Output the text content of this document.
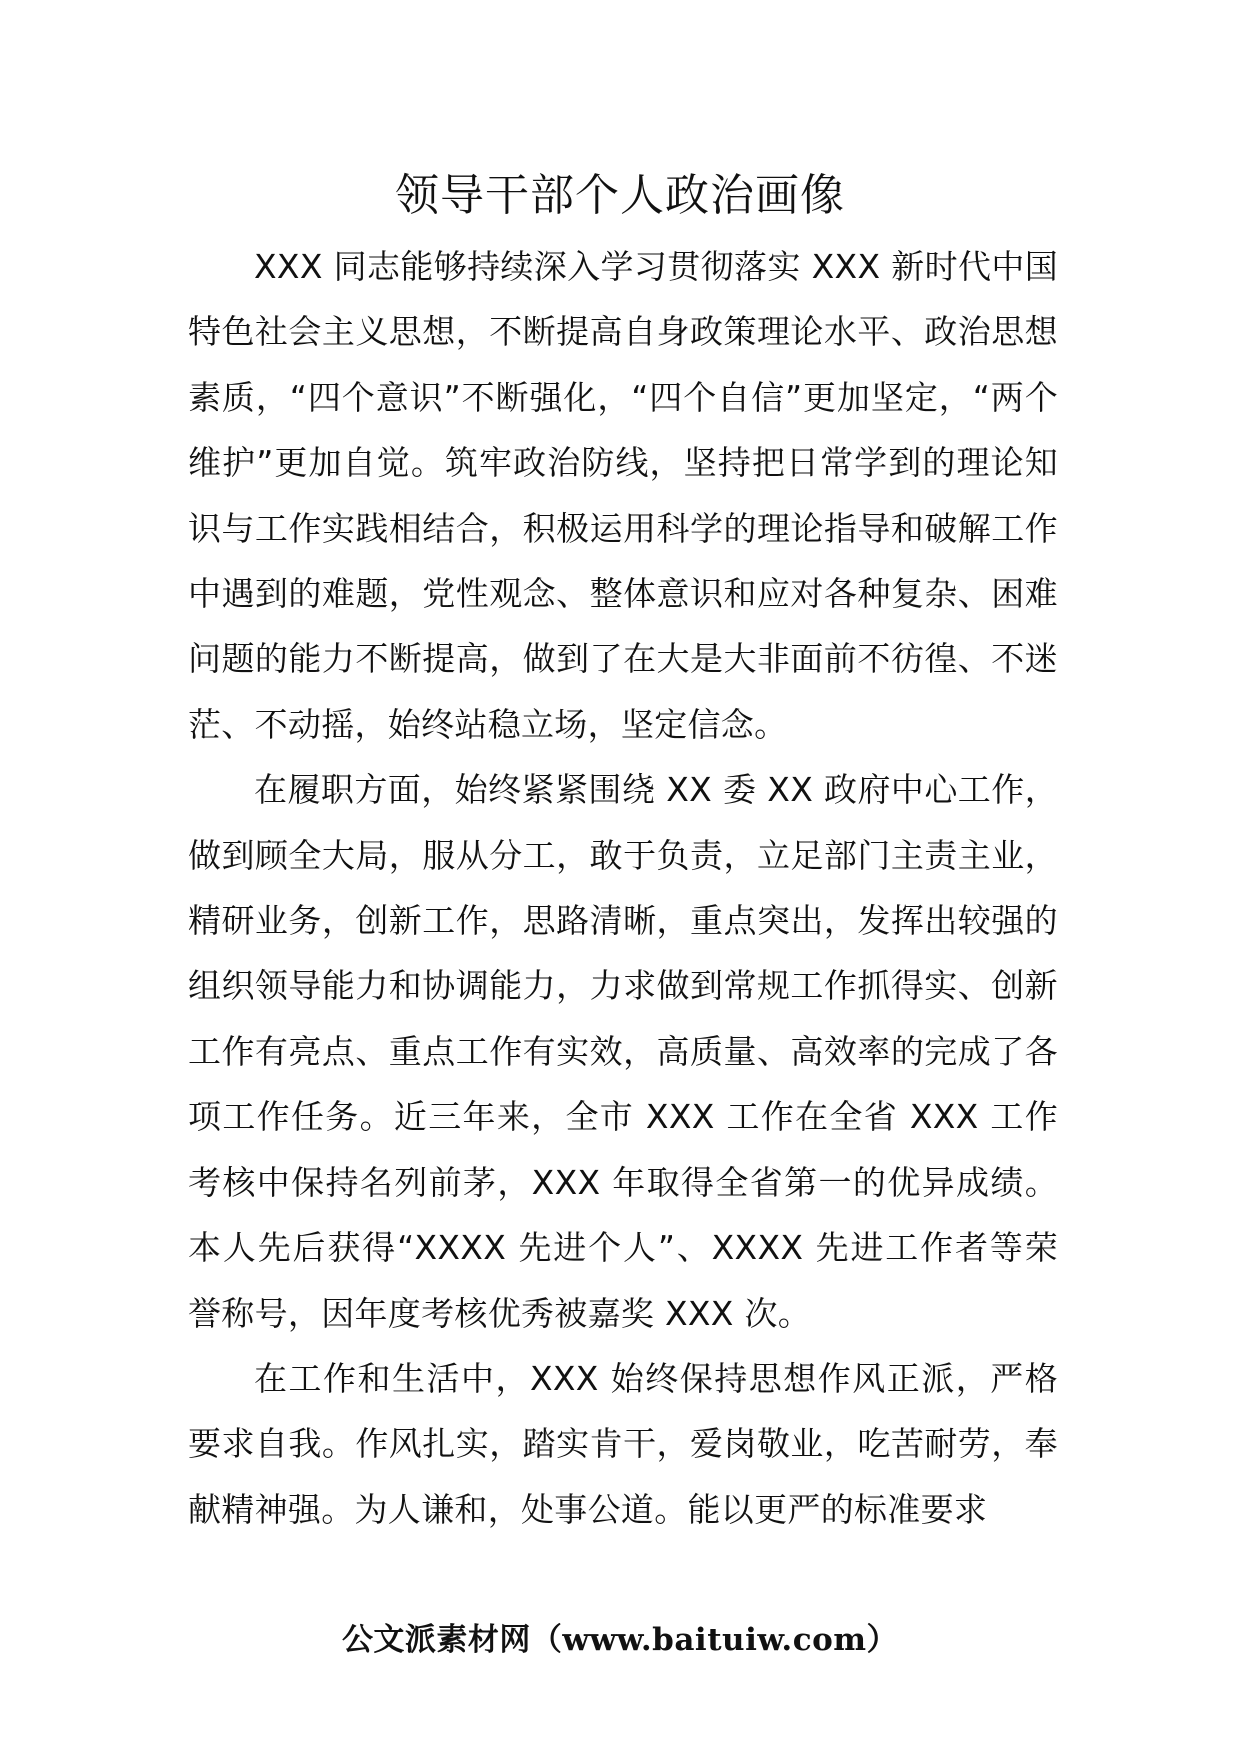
领导干部个人政治画像

XXX 同志能够持续深入学习贯彻落实 XXX 新时代中国特色社会主义思想，不断提高自身政策理论水平、政治思想素质，“四个意识”不断强化，“四个自信”更加坚定，“两个维护”更加自觉。筑牢政治防线，坚持把日常学到的理论知识与工作实践相结合，积极运用科学的理论指导和破解工作中遇到的难题，党性观念、整体意识和应对各种复杂、困难问题的能力不断提高，做到了在大是大非面前不彷徨、不迷茫、不动摇，始终站稳立场，坚定信念。

在履职方面，始终紧紧围绕 XX 委 XX 政府中心工作，做到顾全大局，服从分工，敢于负责，立足部门主责主业，精研业务，创新工作，思路清晰，重点突出，发挥出较强的组织领导能力和协调能力，力求做到常规工作抓得实、创新工作有亮点、重点工作有实效，高质量、高效率的完成了各项工作任务。近三年来，全市 XXX 工作在全省 XXX 工作考核中保持名列前茅，XXX 年取得全省第一的优异成绩。本人先后获得“XXXX 先进个人”、XXXX 先进工作者等荣誉称号，因年度考核优秀被嘉奖 XXX 次。

在工作和生活中，XXX 始终保持思想作风正派，严格要求自我。作风扎实，踏实肯干，爱岗敬业，吃苦耐劳，奉献精神强。为人谦和，处事公道。能以更严的标准要求

公文派素材网（www.baituiw.com）
